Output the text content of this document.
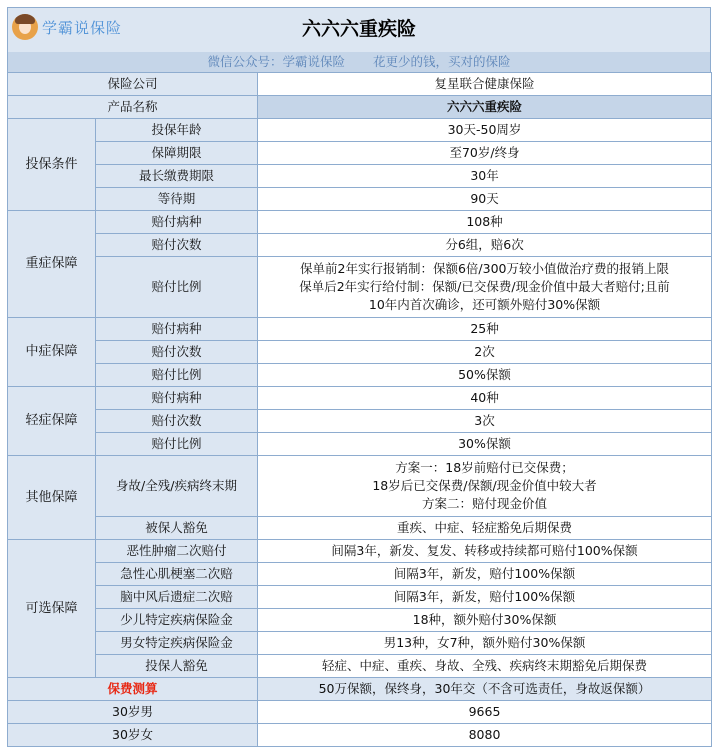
学霸说保险	六六六重疾险
微信公众号：学霸说保险 花更少的钱，买对的保险
保险公司		复星联合健康保险
产品名称		六六六重疾险
投保条件	投保年龄	30天-50周岁
	保障期限	至70岁/终身
	最长缴费期限	30年
	等待期	90天
重症保障	赔付病种	108种
	赔付次数	分6组，赔6次
	赔付比例	保单前2年实行报销制：保额6倍/300万较小值做治疗费的报销上限
保单后2年实行给付制：保额/已交保费/现金价值中最大者赔付;且前
10年内首次确诊，还可额外赔付30%保额

中症保障	赔付病种	25种
	赔付次数	2次
	赔付比例	50%保额
轻症保障	赔付病种	40种
	赔付次数	3次
	赔付比例	30%保额
其他保障	身故/全残/疾病终末期	方案一：18岁前赔付已交保费；
18岁后已交保费/保额/现金价值中较大者
方案二：赔付现金价值

	被保人豁免	重疾、中症、轻症豁免后期保费
可选保障	恶性肿瘤二次赔付	间隔3年，新发、复发、转移或持续都可赔付100%保额
	急性心肌梗塞二次赔	间隔3年，新发，赔付100%保额
	脑中风后遗症二次赔	间隔3年，新发，赔付100%保额
	少儿特定疾病保险金	18种，额外赔付30%保额
	男女特定疾病保险金	男13种，女7种，额外赔付30%保额
	投保人豁免	轻症、中症、重疾、身故、全残、疾病终末期豁免后期保费
保费测算		50万保额，保终身，30年交（不含可选责任，身故返保额）
30岁男		9665
30岁女		8080
